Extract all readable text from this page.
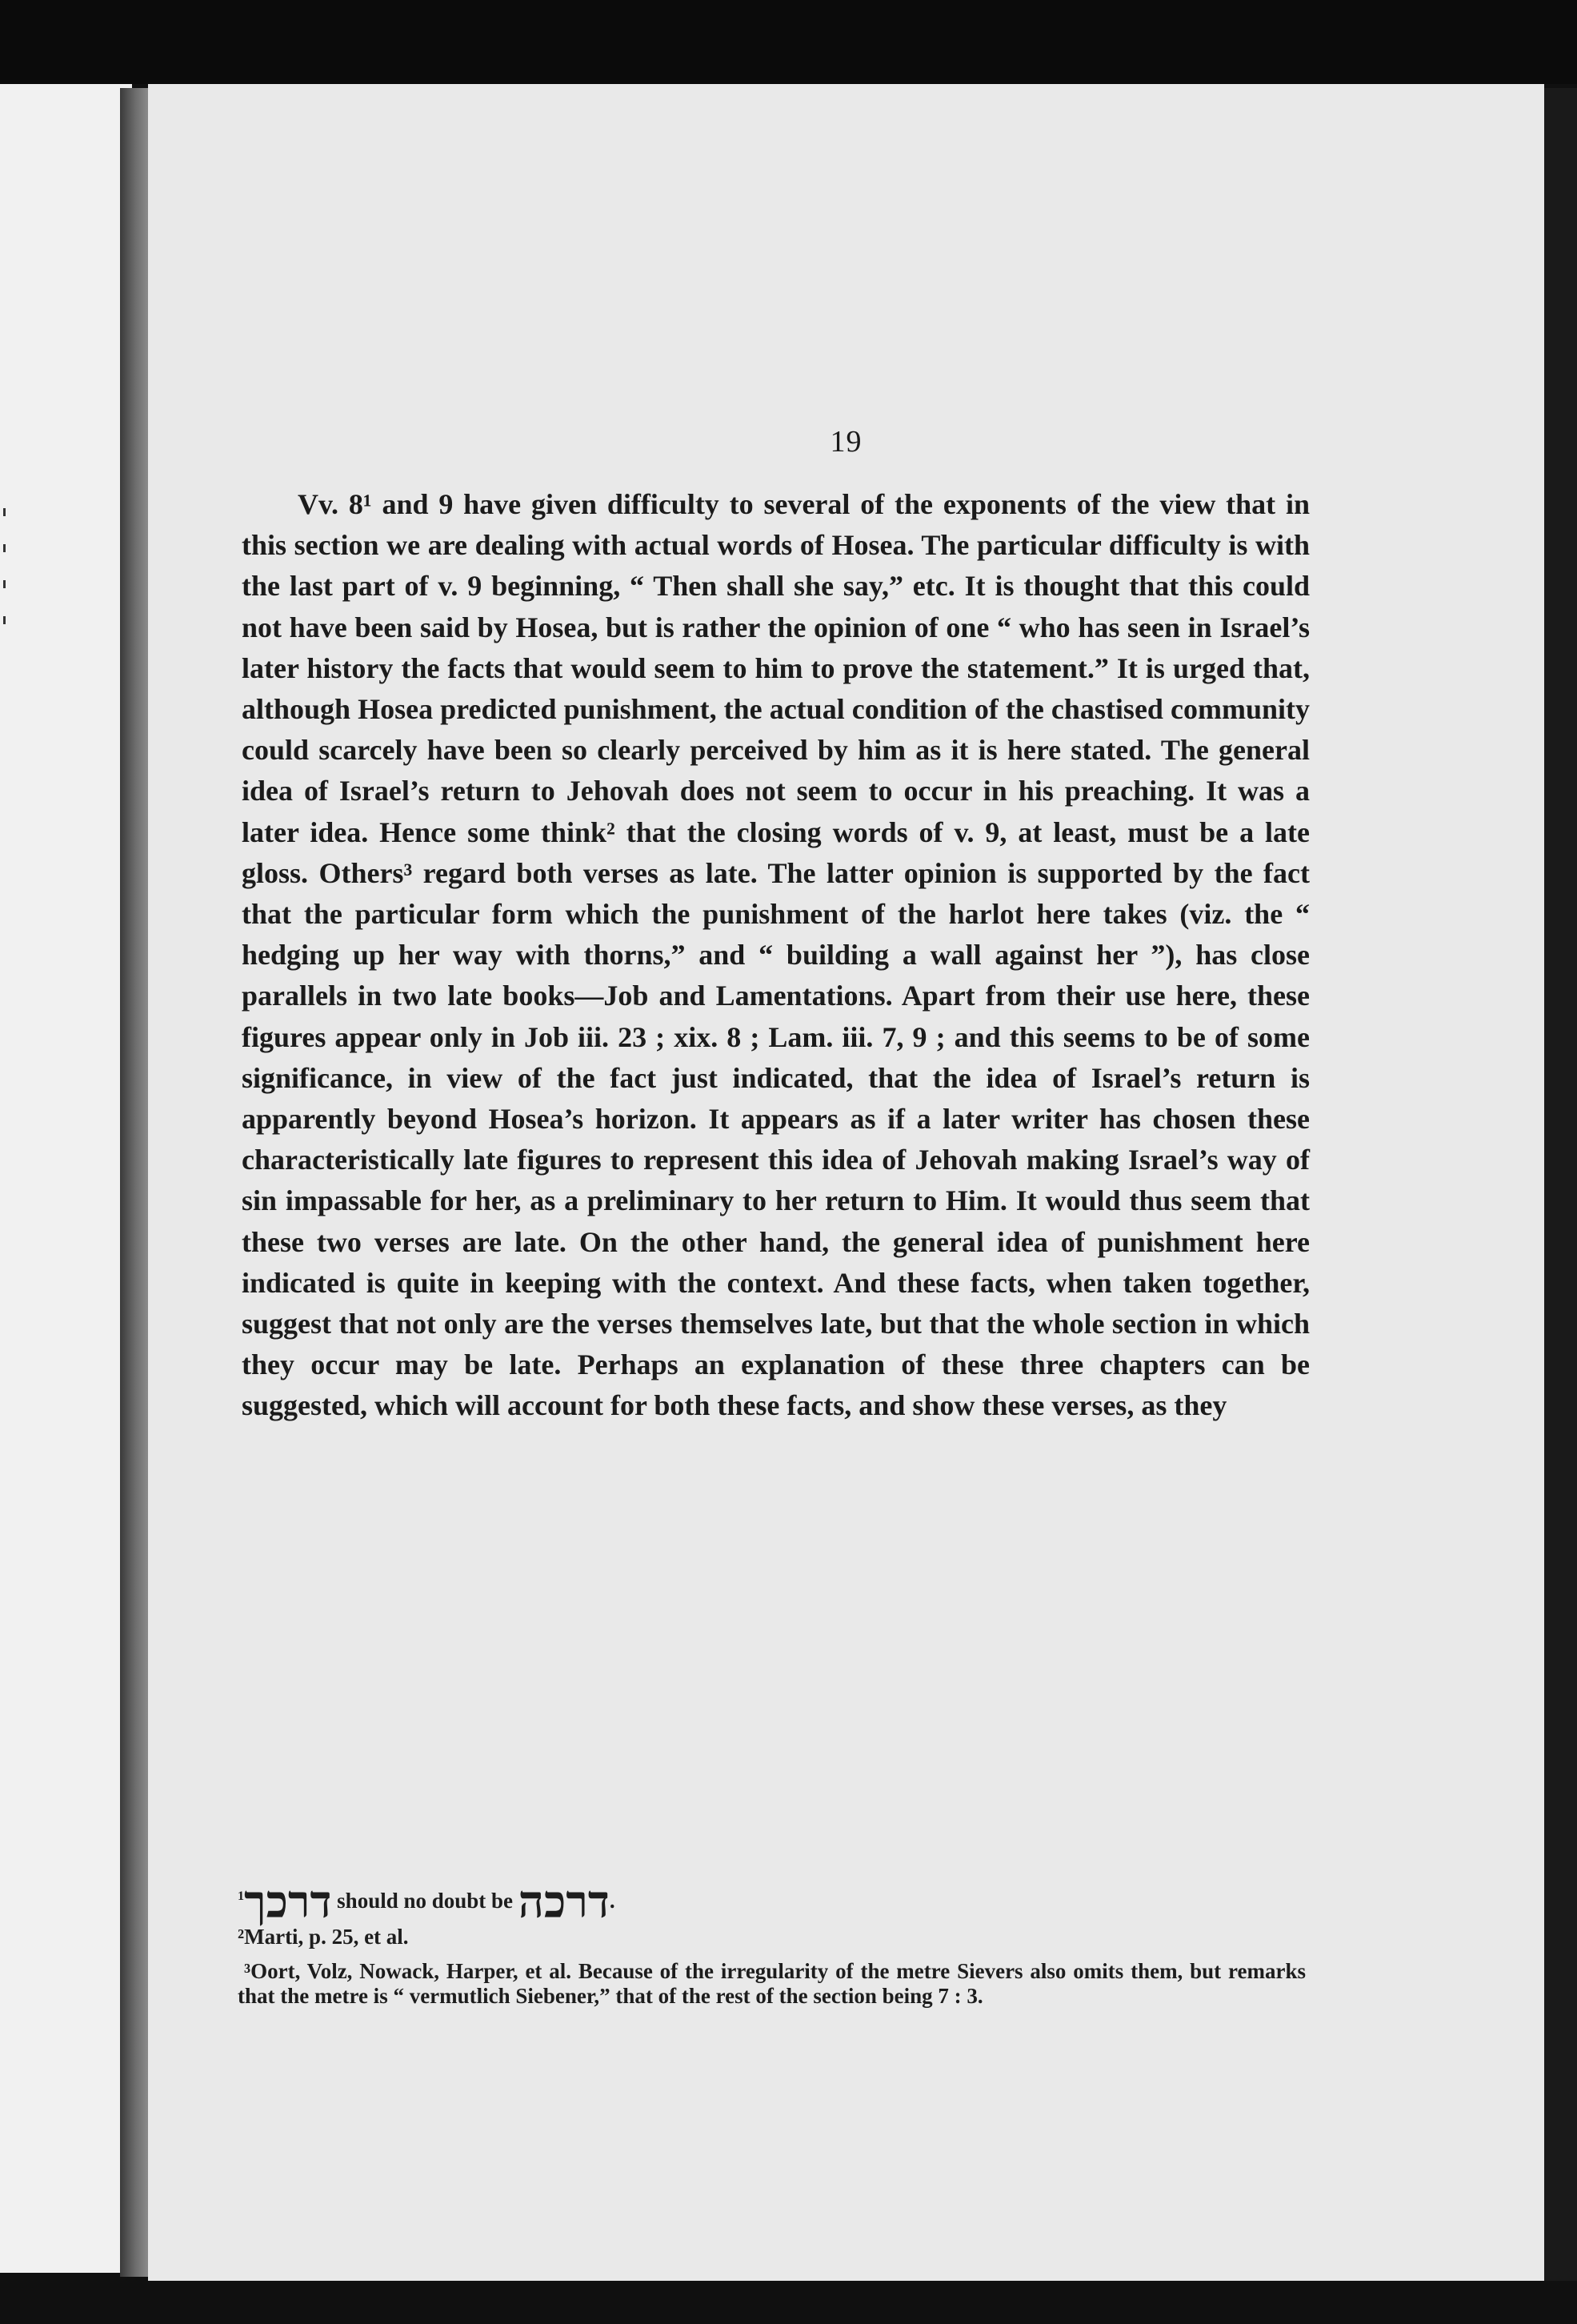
19

Vv. 8¹ and 9 have given difficulty to several of the exponents of the view that in this section we are dealing with actual words of Hosea. The particular difficulty is with the last part of v. 9 beginning, “ Then shall she say,” etc. It is thought that this could not have been said by Hosea, but is rather the opinion of one “ who has seen in Israel’s later history the facts that would seem to him to prove the statement.” It is urged that, although Hosea predicted punishment, the actual condition of the chastised community could scarcely have been so clearly perceived by him as it is here stated. The general idea of Israel’s return to Jehovah does not seem to occur in his preaching. It was a later idea. Hence some think² that the closing words of v. 9, at least, must be a late gloss. Others³ regard both verses as late. The latter opinion is supported by the fact that the particular form which the punishment of the harlot here takes (viz. the “ hedging up her way with thorns,” and “ building a wall against her ”), has close parallels in two late books—Job and Lamentations. Apart from their use here, these figures appear only in Job iii. 23 ; xix. 8 ; Lam. iii. 7, 9 ; and this seems to be of some significance, in view of the fact just indicated, that the idea of Israel’s return is apparently beyond Hosea’s horizon. It appears as if a later writer has chosen these characteristically late figures to represent this idea of Jehovah making Israel’s way of sin impassable for her, as a preliminary to her return to Him. It would thus seem that these two verses are late. On the other hand, the general idea of punishment here indicated is quite in keeping with the context. And these facts, when taken together, suggest that not only are the verses themselves late, but that the whole section in which they occur may be late. Perhaps an explanation of these three chapters can be suggested, which will account for both these facts, and show these verses, as they

$^1$דרכך should no doubt be דרכה.
²Marti, p. 25, et al.

³Oort, Volz, Nowack, Harper, et al. Because of the irregularity of the metre Sievers also omits them, but remarks that the metre is “ vermutlich Siebener,” that of the rest of the section being 7 : 3.
